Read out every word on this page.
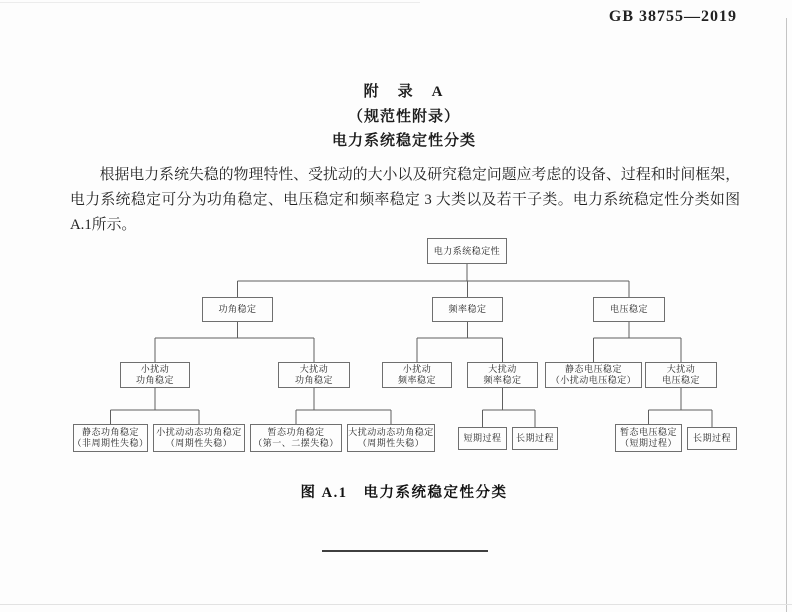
GB 38755—2019
附　录　A
（规范性附录）
电力系统稳定性分类
根据电力系统失稳的物理特性、受扰动的大小以及研究稳定问题应考虑的设备、过程和时间框架，电力系统稳定可分为功角稳定、电压稳定和频率稳定 3 大类以及若干子类。电力系统稳定性分类如图 A.1所示。
电力系统稳定性
功角稳定	频率稳定	电压稳定
小扰动
功角稳定
大扰动
功角稳定
小扰动
频率稳定
大扰动
频率稳定
静态电压稳定
（小扰动电压稳定）
大扰动
电压稳定
静态功角稳定
（非周期性失稳）
小扰动动态功角稳定
（周期性失稳）
暂态功角稳定
（第一、二摆失稳）
大扰动动态功角稳定
（周期性失稳）	短期过程 长期过程
暂态电压稳定
（短期过程） 长期过程
图 A.1　电力系统稳定性分类
